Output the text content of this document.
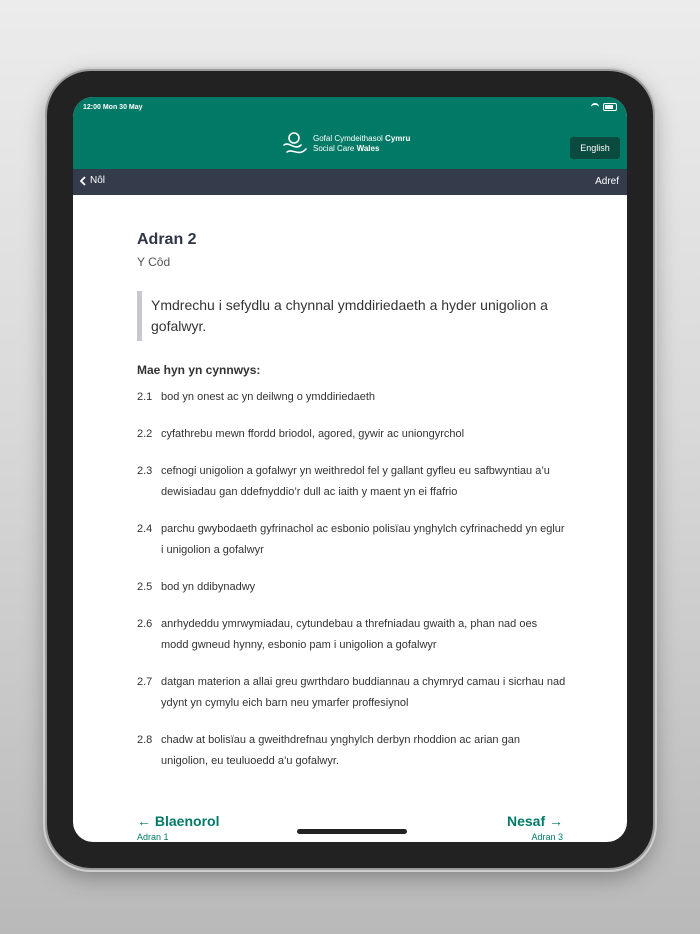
12:00 Mon 30 May
Gofal Cymdeithasol Cymru
Social Care Wales	English
Nôl	Adref
Adran 2
Y Côd
Ymdrechu i sefydlu a chynnal ymddiriedaeth a hyder unigolion a gofalwyr.
Mae hyn yn cynnwys:
2.1 bod yn onest ac yn deilwng o ymddiriedaeth
2.2 cyfathrebu mewn ffordd briodol, agored, gywir ac uniongyrchol
2.3 cefnogi unigolion a gofalwyr yn weithredol fel y gallant gyfleu eu safbwyntiau a’u dewisiadau gan ddefnyddio’r dull ac iaith y maent yn ei ffafrio
2.4 parchu gwybodaeth gyfrinachol ac esbonio polisïau ynghylch cyfrinachedd yn eglur i unigolion a gofalwyr
2.5 bod yn ddibynadwy
2.6 anrhydeddu ymrwymiadau, cytundebau a threfniadau gwaith a, phan nad oes modd gwneud hynny, esbonio pam i unigolion a gofalwyr
2.7 datgan materion a allai greu gwrthdaro buddiannau a chymryd camau i sicrhau nad ydynt yn cymylu eich barn neu ymarfer proffesiynol
2.8 chadw at bolisïau a gweithdrefnau ynghylch derbyn rhoddion ac arian gan unigolion, eu teuluoedd a’u gofalwyr.
← Blaenorol
Adran 1
Nesaf →
Adran 3
